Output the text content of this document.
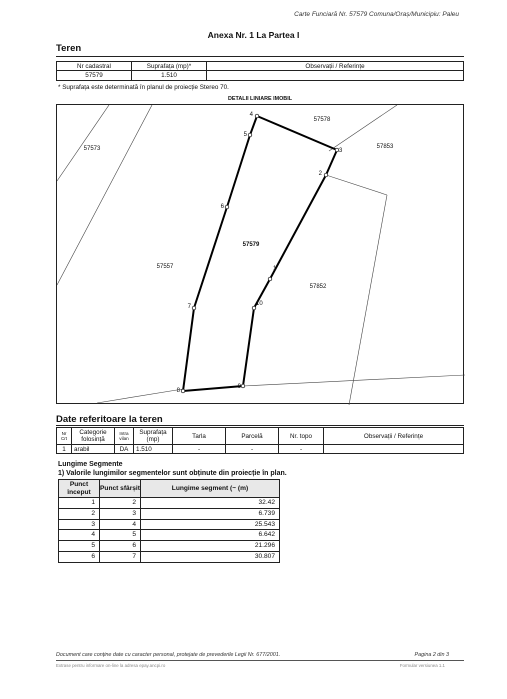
Carte Funciară Nr. 57579 Comuna/Oraș/Municipiu: Paleu
Anexa Nr. 1 La Partea I
Teren
Nr cadastral	Suprafața (mp)*	Observații / Referințe
57579	1.510	
* Suprafața este determinată în planul de proiecție Stereo 70.
DETALII LINIARE IMOBIL
4
3
2
1
10
9
8
7
6
5
57579
57573
57578
57853
57557
57852
Date referitoare la teren
Nr Crt	Categorie folosință	Intra vilan	Suprafața (mp)	Tarla	Parcelă	Nr. topo	Observații / Referințe
1	arabil	DA	1.510	-	-	-	
Lungime Segmente
1) Valorile lungimilor segmentelor sunt obținute din proiecție în plan.
Punct început	Punct sfârșit	Lungime segment (~ (m)
1	2	32.42
2	3	6.739
3	4	25.543
4	5	6.642
5	6	21.296
6	7	30.807
Document care conține date cu caracter personal, protejate de prevederile Legii Nr. 677/2001.	Pagina 2 din 3
Extrase pentru informare on-line la adresa epay.ancpi.ro	Formular versiunea 1.1
